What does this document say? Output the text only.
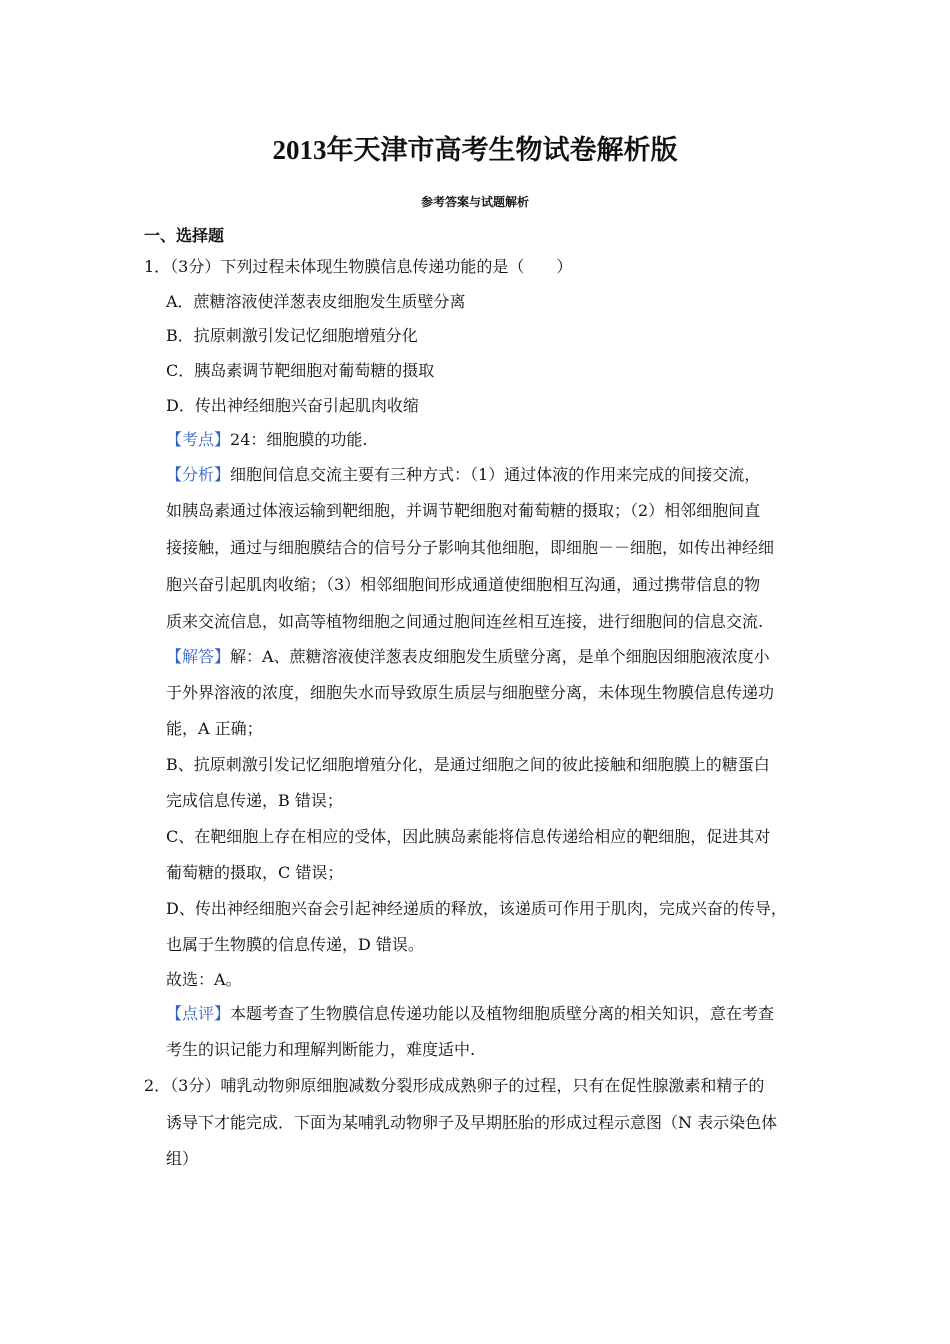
2013年天津市高考生物试卷解析版
参考答案与试题解析
一、选择题
1．（3分）下列过程未体现生物膜信息传递功能的是（　　）
A．蔗糖溶液使洋葱表皮细胞发生质壁分离
B．抗原刺激引发记忆细胞增殖分化
C．胰岛素调节靶细胞对葡萄糖的摄取
D．传出神经细胞兴奋引起肌肉收缩
【考点】24：细胞膜的功能.
【分析】细胞间信息交流主要有三种方式：（1）通过体液的作用来完成的间接交流，
如胰岛素通过体液运输到靶细胞，并调节靶细胞对葡萄糖的摄取；（2）相邻细胞间直
接接触，通过与细胞膜结合的信号分子影响其他细胞，即细胞－－细胞，如传出神经细
胞兴奋引起肌肉收缩；（3）相邻细胞间形成通道使细胞相互沟通，通过携带信息的物
质来交流信息，如高等植物细胞之间通过胞间连丝相互连接，进行细胞间的信息交流.
【解答】解：A、蔗糖溶液使洋葱表皮细胞发生质壁分离，是单个细胞因细胞液浓度小
于外界溶液的浓度，细胞失水而导致原生质层与细胞壁分离，未体现生物膜信息传递功
能，A 正确；
B、抗原刺激引发记忆细胞增殖分化，是通过细胞之间的彼此接触和细胞膜上的糖蛋白
完成信息传递，B 错误；
C、在靶细胞上存在相应的受体，因此胰岛素能将信息传递给相应的靶细胞，促进其对
葡萄糖的摄取，C 错误；
D、传出神经细胞兴奋会引起神经递质的释放，该递质可作用于肌肉，完成兴奋的传导，
也属于生物膜的信息传递，D 错误。
故选：A。
【点评】本题考查了生物膜信息传递功能以及植物细胞质壁分离的相关知识，意在考查
考生的识记能力和理解判断能力，难度适中.
2．（3分）哺乳动物卵原细胞减数分裂形成成熟卵子的过程，只有在促性腺激素和精子的
诱导下才能完成．下面为某哺乳动物卵子及早期胚胎的形成过程示意图（N 表示染色体
组）
